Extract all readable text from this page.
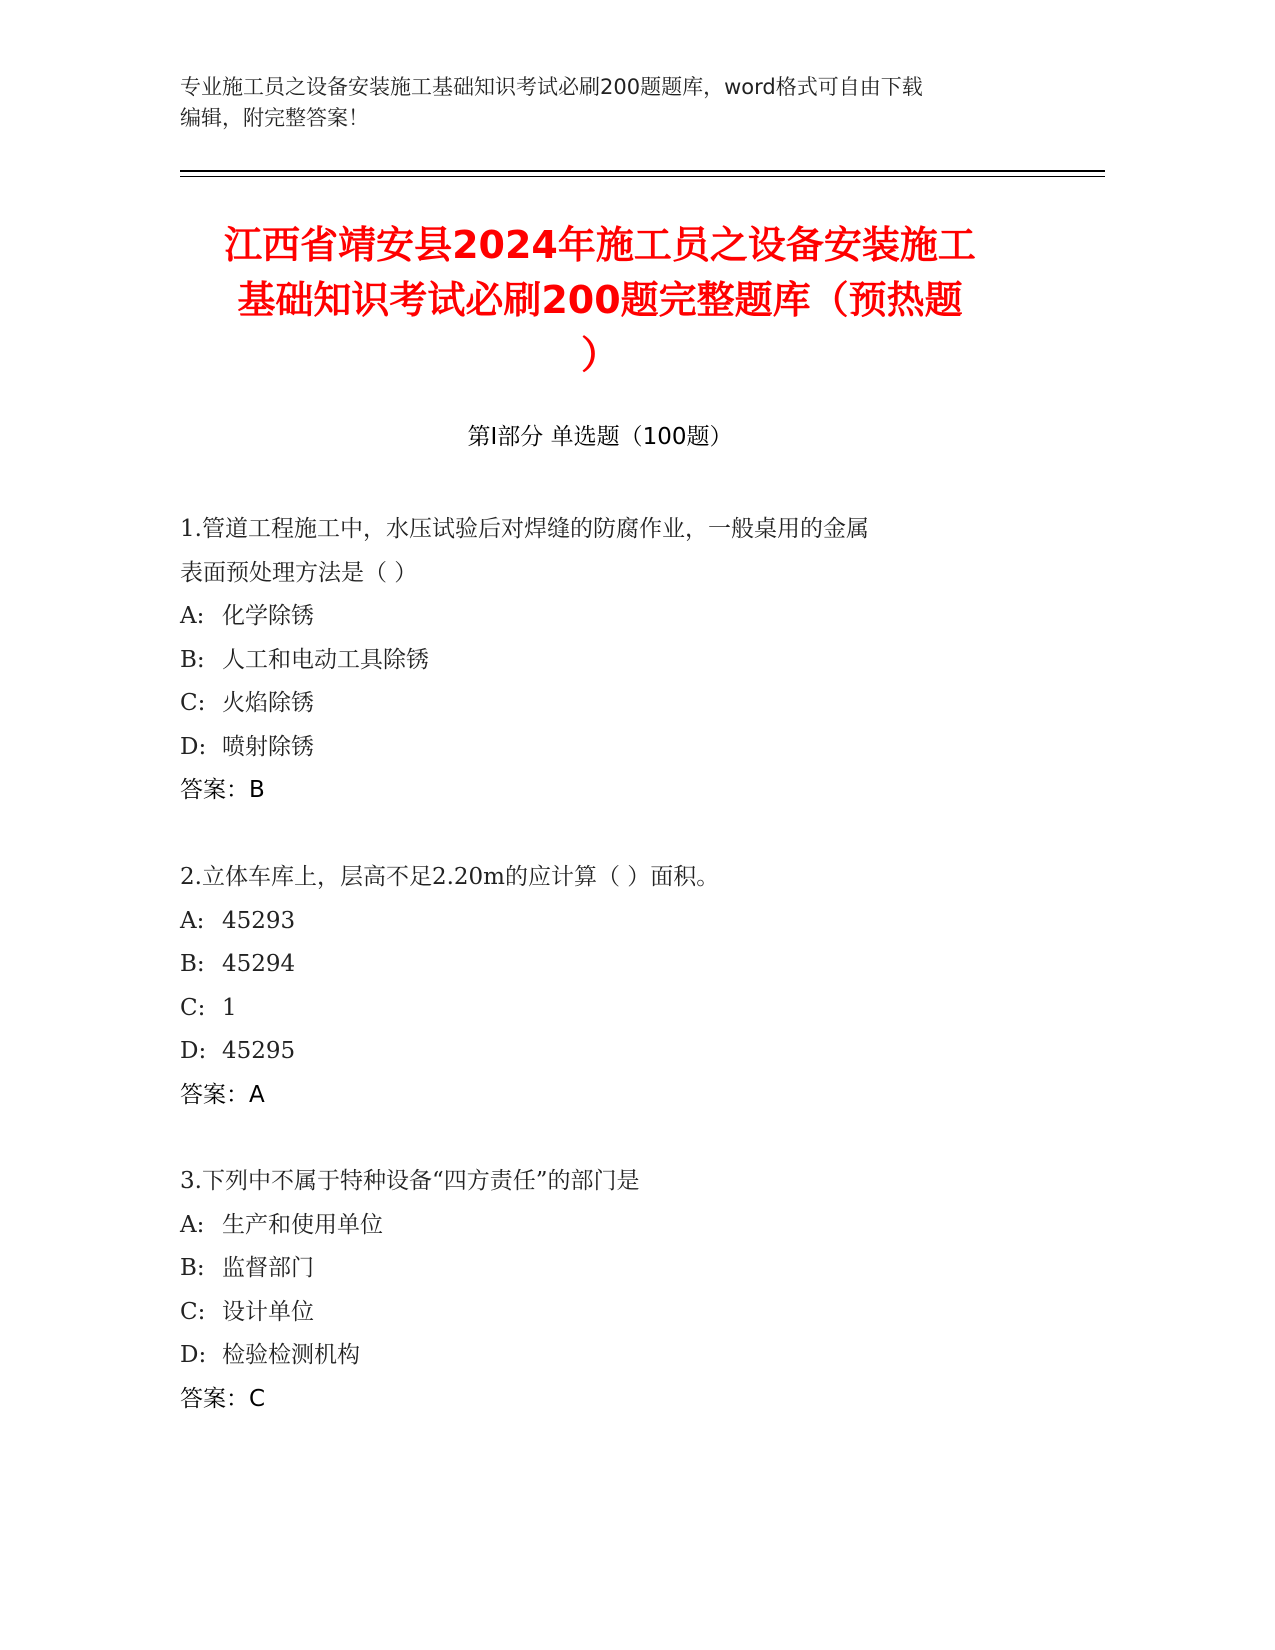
专业施工员之设备安装施工基础知识考试必刷200题题库，word格式可自由下载
编辑，附完整答案！
江西省靖安县2024年施工员之设备安装施工
基础知识考试必刷200题完整题库（预热题
）
第I部分 单选题（100题）
1.管道工程施工中，水压试验后对焊缝的防腐作业，一般桌用的金属
表面预处理方法是（ ）
A: 化学除锈
B: 人工和电动工具除锈
C: 火焰除锈
D: 喷射除锈
答案：B
2.立体车库上，层高不足2.20m的应计算（ ）面积。
A: 45293
B: 45294
C: 1
D: 45295
答案：A
3.下列中不属于特种设备“四方责任”的部门是
A: 生产和使用单位
B: 监督部门
C: 设计单位
D: 检验检测机构
答案：C
